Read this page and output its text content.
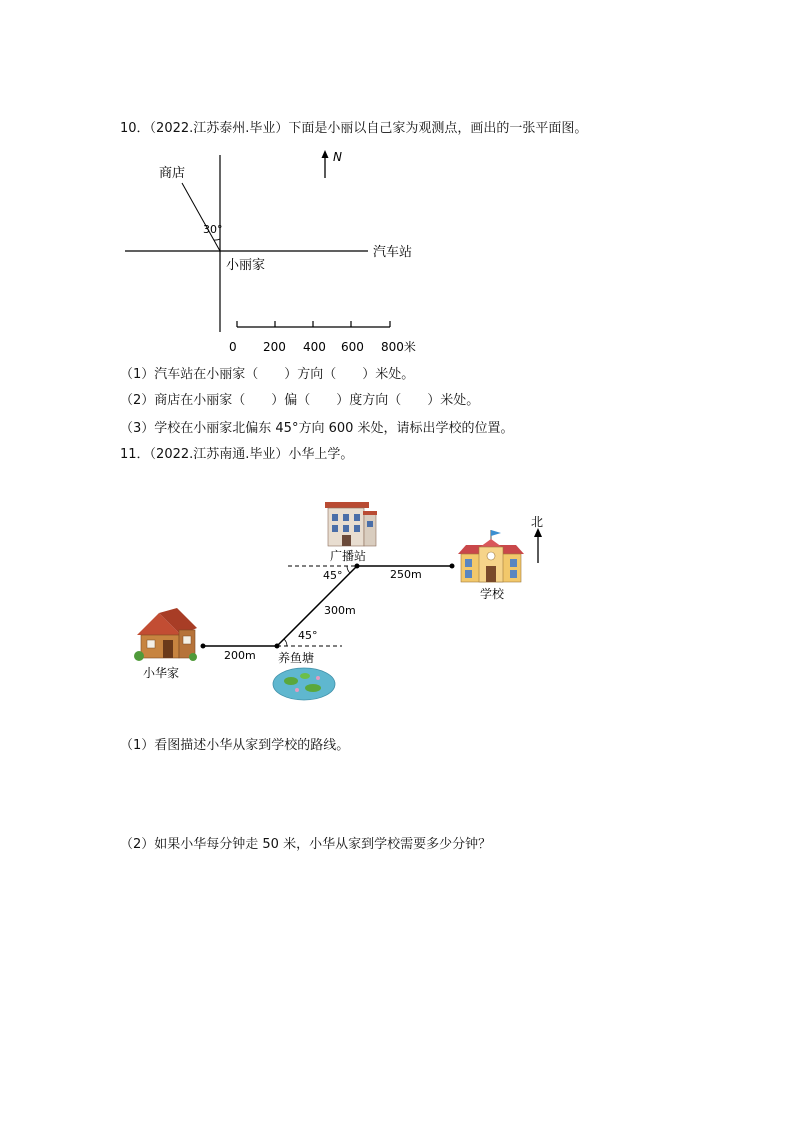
10．（2022.江苏泰州.毕业）下面是小丽以自己家为观测点，画出的一张平面图。
N
商店
30°
汽车站
小丽家
0 200 400 600 800米
（1）汽车站在小丽家（　　）方向（　　）米处。
（2）商店在小丽家（　　）偏（　　）度方向（　　）米处。
（3）学校在小丽家北偏东 45°方向 600 米处，请标出学校的位置。
11．（2022.江苏南通.毕业）小华上学。
北
200m
300m
250m
45°
45°
广播站
学校
小华家
养鱼塘
（1）看图描述小华从家到学校的路线。
（2）如果小华每分钟走 50 米，小华从家到学校需要多少分钟？
